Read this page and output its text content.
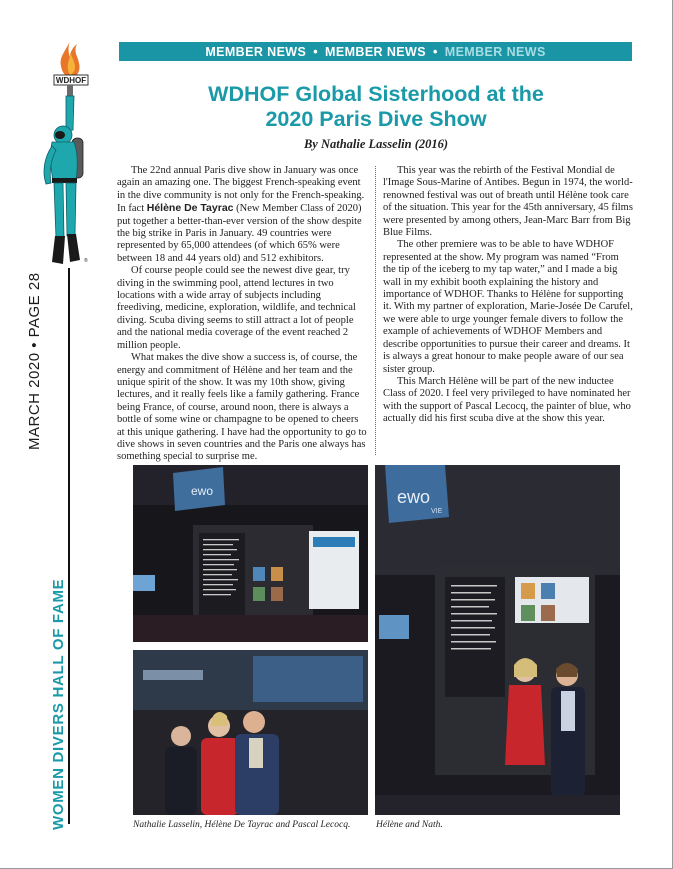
WDHOF
®
MARCH 2020 • PAGE 28
WOMEN DIVERS HALL OF FAME
MEMBER NEWS • MEMBER NEWS • MEMBER NEWS
WDHOF Global Sisterhood at the
2020 Paris Dive Show
By Nathalie Lasselin (2016)

The 22nd annual Paris dive show in January was once again an amazing one. The biggest French-speaking event in the dive community is not only for the French-speaking. In fact Hélène De Tayrac (New Member Class of 2020) put together a better-than-ever version of the show despite the big strike in Paris in January. 49 countries were represented by 65,000 attendees (of which 65% were between 18 and 44 years old) and 512 exhibitors.

Of course people could see the newest dive gear, try diving in the swimming pool, attend lectures in two locations with a wide array of subjects including freediving, medicine, exploration, wildlife, and technical diving. Scuba diving seems to still attract a lot of people and the national media coverage of the event reached 2 million people.

What makes the dive show a success is, of course, the energy and commitment of Hélène and her team and the unique spirit of the show. It was my 10th show, giving lectures, and it really feels like a family gathering. France being France, of course, around noon, there is always a bottle of some wine or champagne to be opened to cheers at this unique gathering. I have had the opportunity to go to dive shows in seven countries and the Paris one always has something special to surprise me.

This year was the rebirth of the Festival Mondial de l'Image Sous-Marine of Antibes. Begun in 1974, the world-renowned festival was out of breath until Hélène took care of the situation. This year for the 45th anniversary, 45 films were presented by among others, Jean-Marc Barr from Big Blue Films.

The other premiere was to be able to have WDHOF represented at the show. My program was named “From the tip of the iceberg to my tap water,” and I made a big wall in my exhibit booth explaining the history and importance of WDHOF. Thanks to Hélène for supporting it. With my partner of exploration, Marie-Josée De Carufel, we were able to urge younger female divers to follow the example of achievements of WDHOF Members and describe opportunities to pursue their career and dreams. It is always a great honour to make people aware of our sea sister group.

This March Hélène will be part of the new inductee Class of 2020. I feel very privileged to have nominated her with the support of Pascal Lecocq, the painter of blue, who actually did his first scuba dive at the show this year.

ewo	ewo
VIE
Nathalie Lasselin, Hélène De Tayrac and Pascal Lecocq.	Hélène and Nath.
